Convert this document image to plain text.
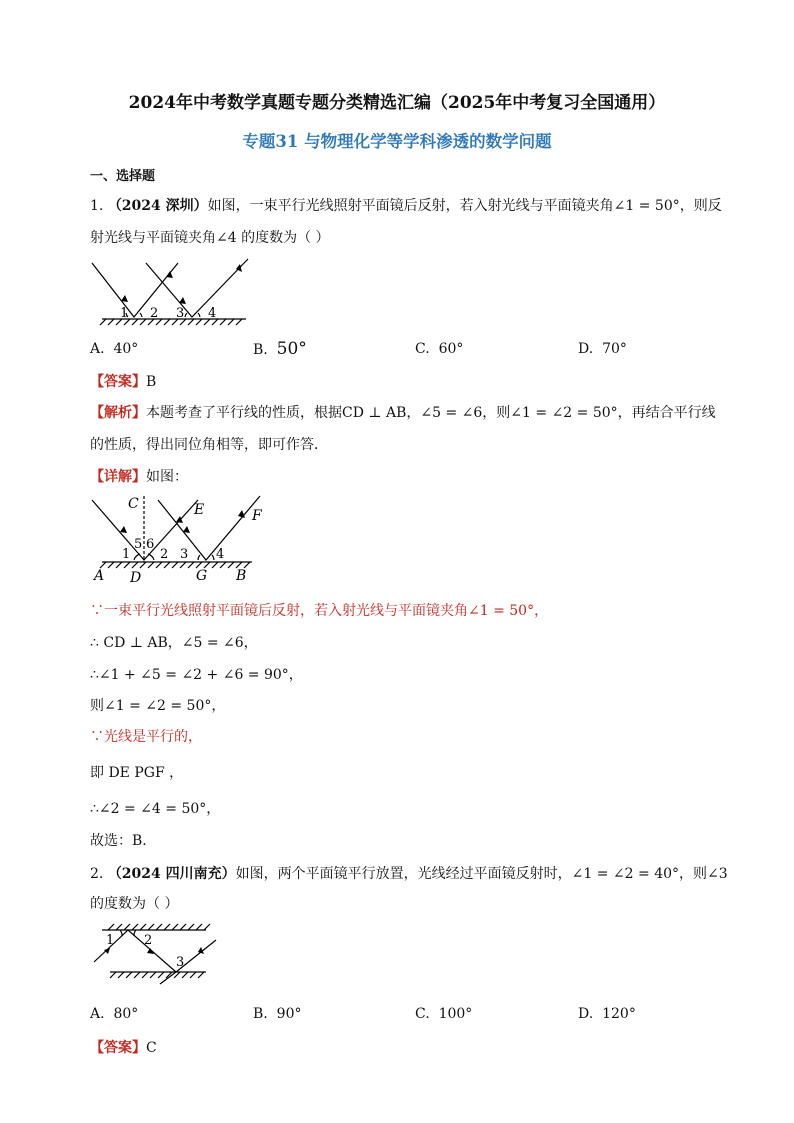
2024年中考数学真题专题分类精选汇编（2025年中考复习全国通用）
专题31 与物理化学等学科渗透的数学问题
一、选择题
1. （2024 深圳）如图，一束平行光线照射平面镜后反射，若入射光线与平面镜夹角∠1 = 50°，则反
射光线与平面镜夹角∠4 的度数为（ ）
1 2 3 4
A. 40°	B. 50°	C. 60°	D. 70°
【答案】B
【解析】本题考查了平行线的性质，根据CD ⊥ AB，∠5 = ∠6，则∠1 = ∠2 = 50°，再结合平行线
的性质，得出同位角相等，即可作答．
【详解】如图：
C	E	F
1
5 6
2 3 4
A D	G B
∵一束平行光线照射平面镜后反射，若入射光线与平面镜夹角∠1 = 50°，
∴ CD ⊥ AB，∠5 = ∠6，
∴∠1 + ∠5 = ∠2 + ∠6 = 90°，
则∠1 = ∠2 = 50°，
∵光线是平行的，
即 DE PGF ，
∴∠2 = ∠4 = 50°，
故选：B．
2. （2024 四川南充）如图，两个平面镜平行放置，光线经过平面镜反射时，∠1 = ∠2 = 40°，则∠3
的度数为（ ）
1 2
3
A. 80°	B. 90°	C. 100°	D. 120°
【答案】C
